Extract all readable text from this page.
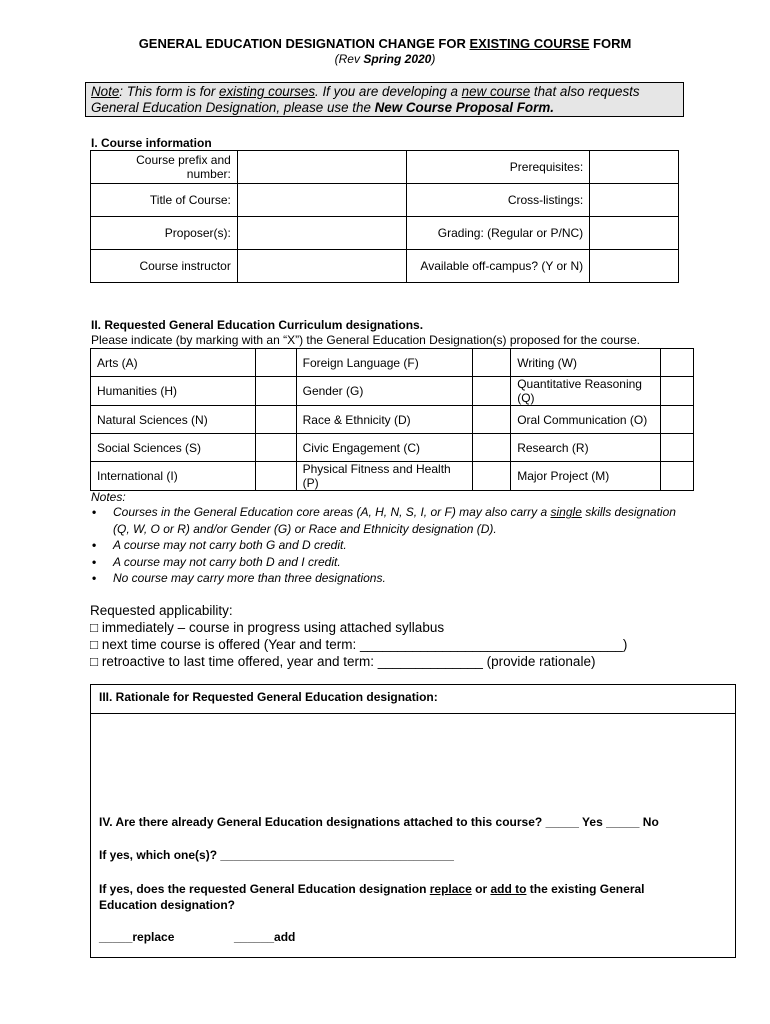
GENERAL EDUCATION DESIGNATION CHANGE FOR EXISTING COURSE FORM
(Rev Spring 2020)
Note: This form is for existing courses. If you are developing a new course that also requests General Education Designation, please use the New Course Proposal Form.
I. Course information
Course prefix and number:		Prerequisites:	
Title of Course:		Cross-listings:	
Proposer(s):		Grading: (Regular or P/NC)	
Course instructor		Available off-campus? (Y or N)	
II. Requested General Education Curriculum designations.
Please indicate (by marking with an “X”) the General Education Designation(s) proposed for the course.
Arts (A)		Foreign Language (F)		Writing (W)	
Humanities (H)		Gender (G)		Quantitative Reasoning (Q)	
Natural Sciences (N)		Race & Ethnicity (D)		Oral Communication (O)	
Social Sciences (S)		Civic Engagement (C)		Research (R)	
International (I)		Physical Fitness and Health (P)		Major Project (M)	
Notes:
• Courses in the General Education core areas (A, H, N, S, I, or F) may also carry a single skills designation (Q, W, O or R) and/or Gender (G) or Race and Ethnicity designation (D).
• A course may not carry both G and D credit.
• A course may not carry both D and I credit.
• No course may carry more than three designations.
Requested applicability:
□ immediately – course in progress using attached syllabus
□ next time course is offered (Year and term: ___________________________________)
□ retroactive to last time offered, year and term: ______________ (provide rationale)
III. Rationale for Requested General Education designation:
IV. Are there already General Education designations attached to this course? _____ Yes _____ No
If yes, which one(s)? ___________________________________
If yes, does the requested General Education designation replace or add to the existing General Education designation?
_____replace	______add
